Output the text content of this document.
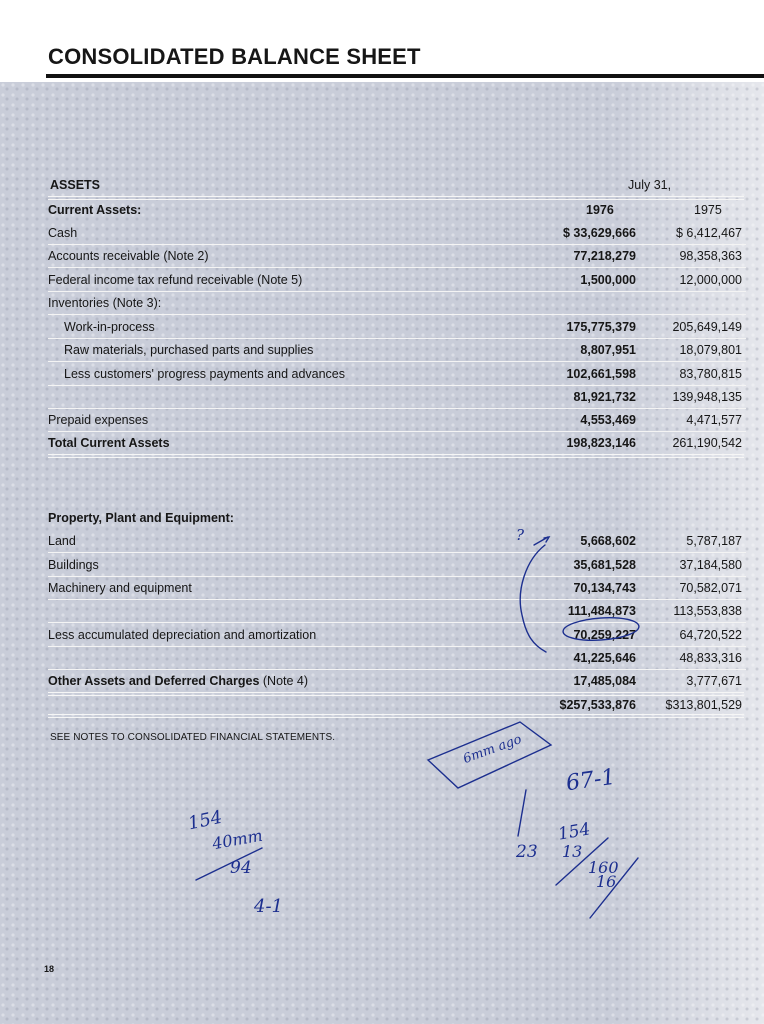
CONSOLIDATED BALANCE SHEET
ASSETS	July 31,
Current Assets:	1976	1975
Cash	$ 33,629,666	$ 6,412,467
Accounts receivable (Note 2)	77,218,279	98,358,363
Federal income tax refund receivable (Note 5)	1,500,000	12,000,000
Inventories (Note 3):
Work-in-process	175,775,379	205,649,149
Raw materials, purchased parts and supplies	8,807,951	18,079,801
Less customers' progress payments and advances	102,661,598	83,780,815
81,921,732	139,948,135
Prepaid expenses	4,553,469	4,471,577
Total Current Assets	198,823,146	261,190,542
Property, Plant and Equipment:
Land	5,668,602	5,787,187
Buildings	35,681,528	37,184,580
Machinery and equipment	70,134,743	70,582,071
111,484,873	113,553,838
Less accumulated depreciation and amortization	70,259,227	64,720,522
41,225,646	48,833,316
Other Assets and Deferred Charges (Note 4)	17,485,084	3,777,671
$257,533,876 $313,801,529
SEE NOTES TO CONSOLIDATED FINANCIAL STATEMENTS.
18
?
6mm ago
67-1
154
40mm
94
4-1
23
154
13
160
16
